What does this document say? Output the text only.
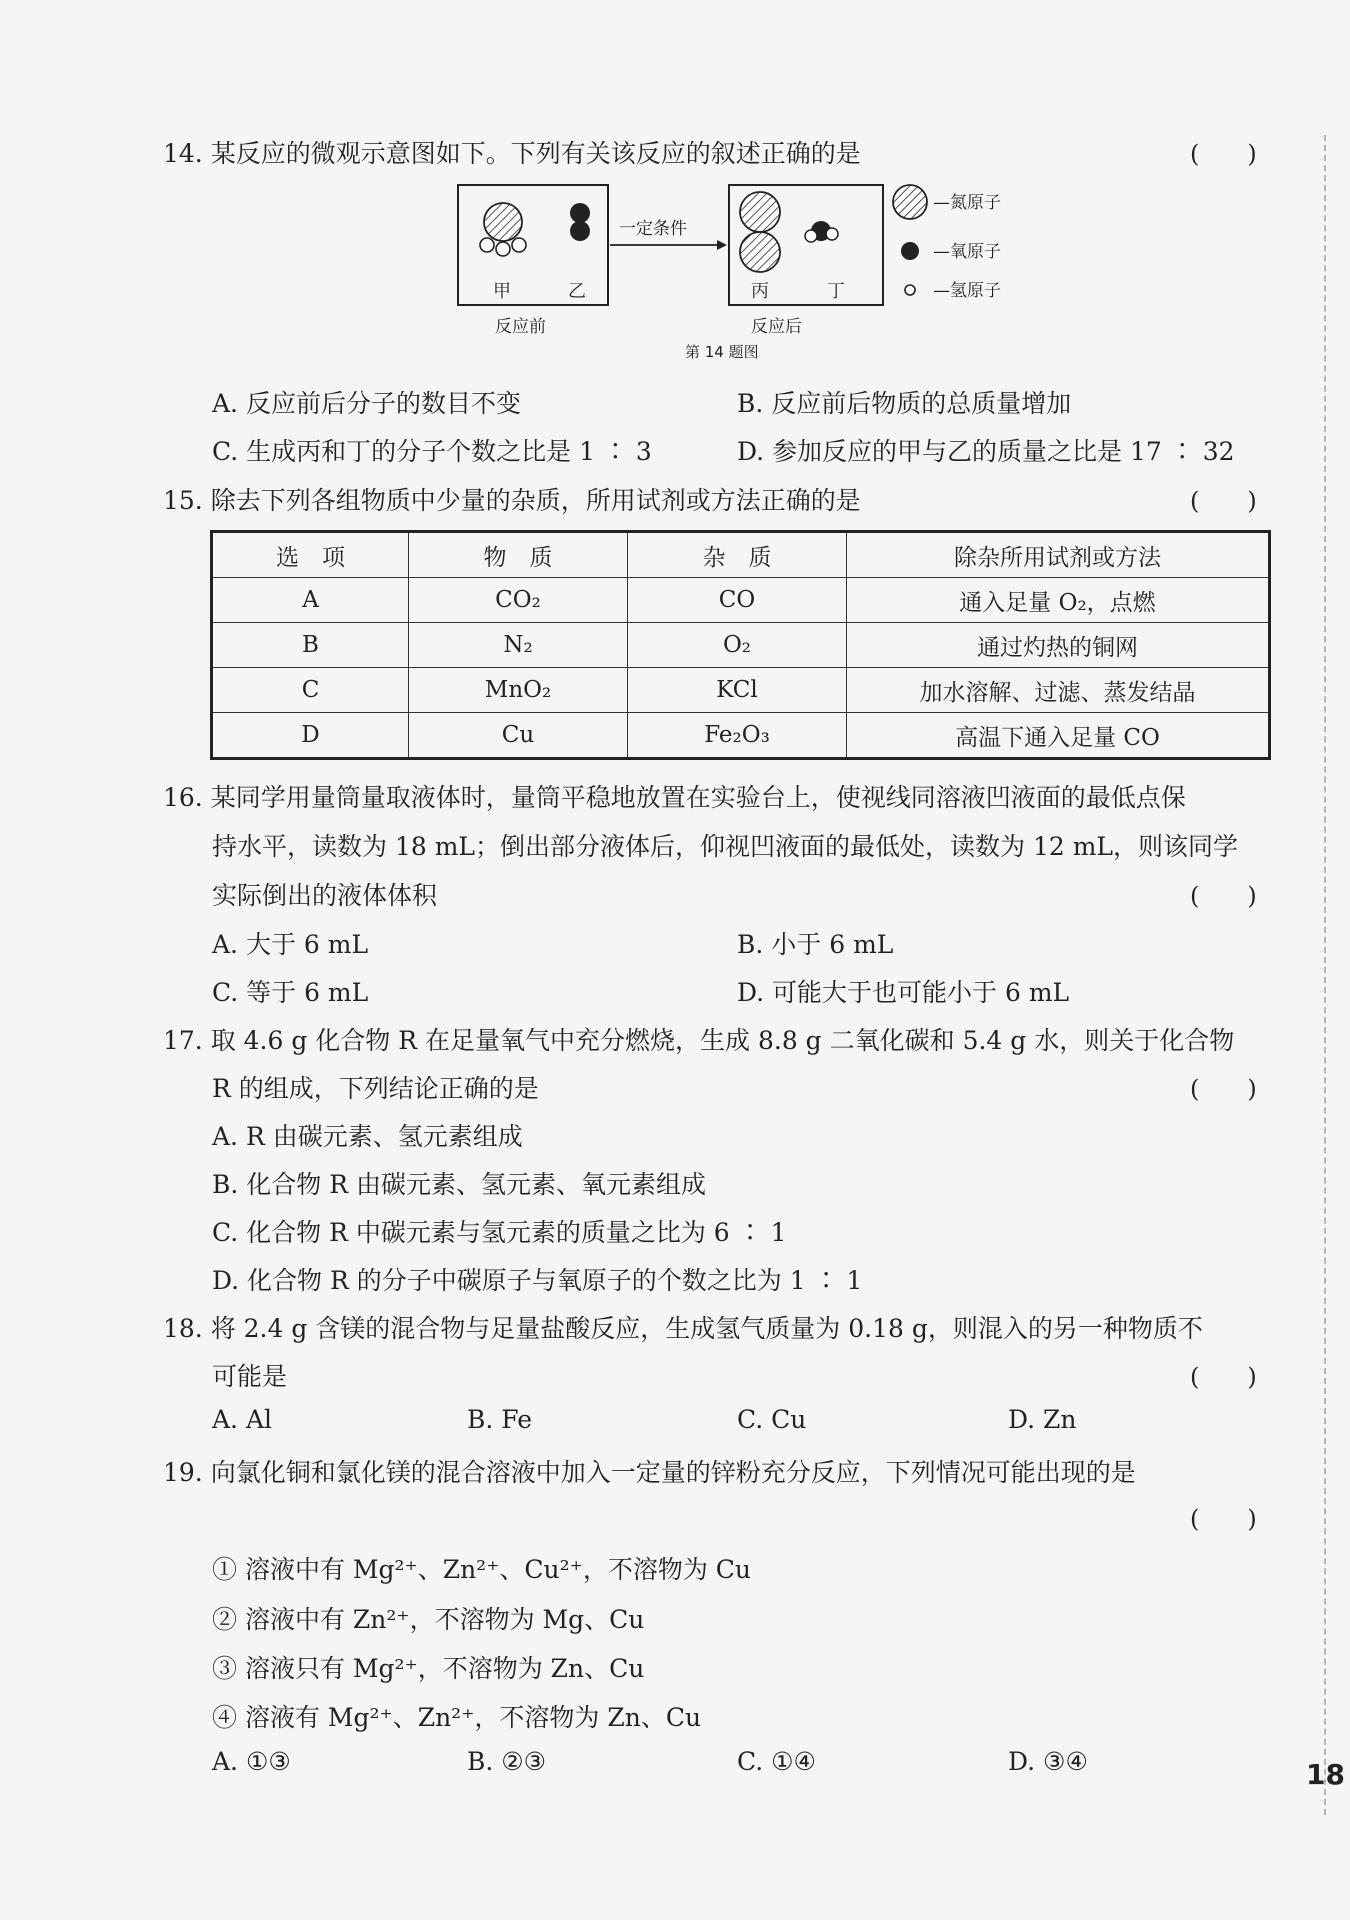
14. 某反应的微观示意图如下。下列有关该反应的叙述正确的是	(　　)
甲	乙
一定条件
丙	丁
反应前	反应后
第 14 题图
—氮原子
—氧原子
—氢原子
A. 反应前后分子的数目不变	B. 反应前后物质的总质量增加
C. 生成丙和丁的分子个数之比是 1 ∶ 3	D. 参加反应的甲与乙的质量之比是 17 ∶ 32
15. 除去下列各组物质中少量的杂质，所用试剂或方法正确的是	(　　)
选　项	物　质	杂　质	除杂所用试剂或方法
A	CO₂	CO	通入足量 O₂，点燃
B	N₂	O₂	通过灼热的铜网
C	MnO₂	KCl	加水溶解、过滤、蒸发结晶
D	Cu	Fe₂O₃	高温下通入足量 CO
16. 某同学用量筒量取液体时，量筒平稳地放置在实验台上，使视线同溶液凹液面的最低点保
持水平，读数为 18 mL；倒出部分液体后，仰视凹液面的最低处，读数为 12 mL，则该同学
实际倒出的液体体积	(　　)
A. 大于 6 mL	B. 小于 6 mL
C. 等于 6 mL	D. 可能大于也可能小于 6 mL
17. 取 4.6 g 化合物 R 在足量氧气中充分燃烧，生成 8.8 g 二氧化碳和 5.4 g 水，则关于化合物
R 的组成，下列结论正确的是	(　　)
A. R 由碳元素、氢元素组成
B. 化合物 R 由碳元素、氢元素、氧元素组成
C. 化合物 R 中碳元素与氢元素的质量之比为 6 ∶ 1
D. 化合物 R 的分子中碳原子与氧原子的个数之比为 1 ∶ 1
18. 将 2.4 g 含镁的混合物与足量盐酸反应，生成氢气质量为 0.18 g，则混入的另一种物质不
可能是	(　　)
A. Al	B. Fe	C. Cu	D. Zn
19. 向氯化铜和氯化镁的混合溶液中加入一定量的锌粉充分反应，下列情况可能出现的是
(　　)
① 溶液中有 Mg²⁺、Zn²⁺、Cu²⁺，不溶物为 Cu
② 溶液中有 Zn²⁺，不溶物为 Mg、Cu
③ 溶液只有 Mg²⁺，不溶物为 Zn、Cu
④ 溶液有 Mg²⁺、Zn²⁺，不溶物为 Zn、Cu
A. ①③	B. ②③	C. ①④	D. ③④	18
